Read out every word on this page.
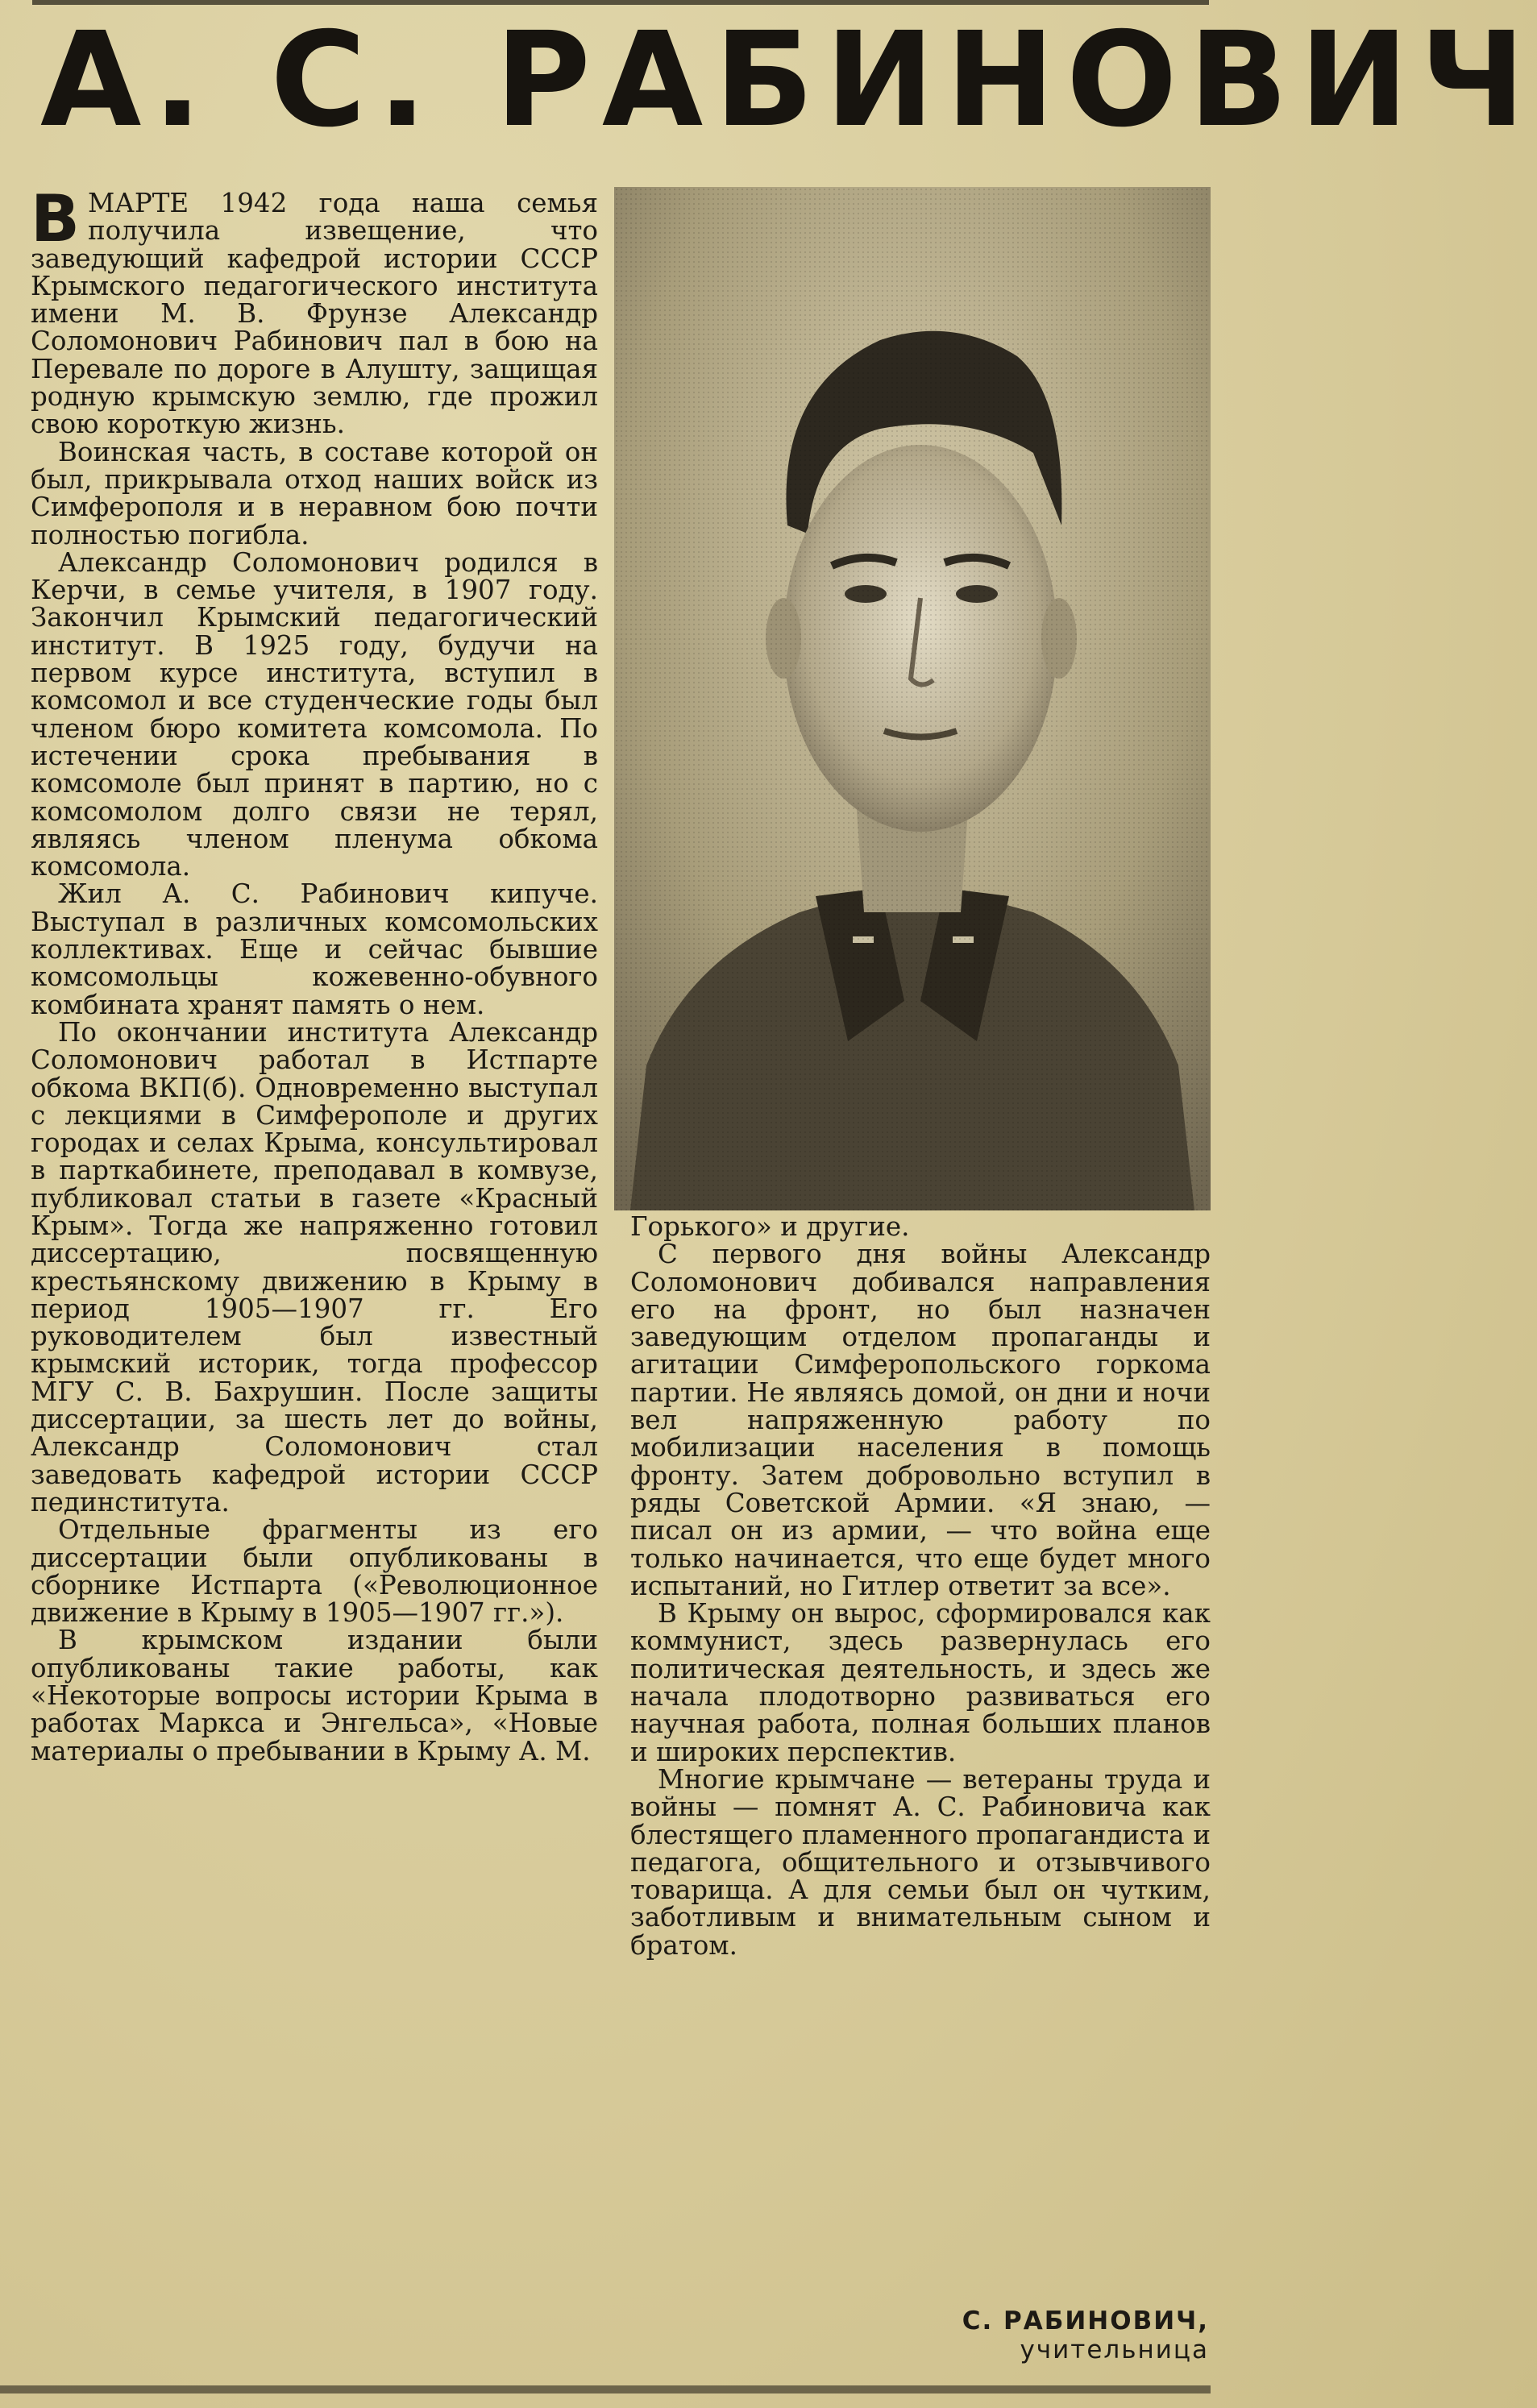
А. С. РАБИНОВИЧ

В МАРТЕ 1942 года наша семья получила извещение, что заведующий кафедрой истории СССР Крымского педагогического института имени М. В. Фрунзе Александр Соломонович Рабинович пал в бою на Перевале по дороге в Алушту, защищая родную крымскую землю, где прожил свою короткую жизнь.

Воинская часть, в составе которой он был, прикрывала отход наших войск из Симферополя и в неравном бою почти полностью погибла.

Александр Соломонович родился в Керчи, в семье учителя, в 1907 году. Закончил Крымский педагогический институт. В 1925 году, будучи на первом курсе института, вступил в комсомол и все студенческие годы был членом бюро комитета комсомола. По истечении срока пребывания в комсомоле был принят в партию, но с комсомолом долго связи не терял, являясь членом пленума обкома комсомола.

Жил А. С. Рабинович кипуче. Выступал в различных комсомольских коллективах. Еще и сейчас бывшие комсомольцы кожевенно-обувного комбината хранят память о нем.

По окончании института Александр Соломонович работал в Истпарте обкома ВКП(б). Одновременно выступал с лекциями в Симферополе и других городах и селах Крыма, консультировал в парткабинете, преподавал в комвузе, публиковал статьи в газете «Красный Крым». Тогда же напряженно готовил диссертацию, посвященную крестьянскому движению в Крыму в период 1905—1907 гг. Его руководителем был известный крымский историк, тогда профессор МГУ С. В. Бахрушин. После защиты диссертации, за шесть лет до войны, Александр Соломонович стал заведовать кафедрой истории СССР пединститута.

Отдельные фрагменты из его диссертации были опубликованы в сборнике Истпарта («Революционное движение в Крыму в 1905—1907 гг.»).

В крымском издании были опубликованы такие работы, как «Некоторые вопросы истории Крыма в работах Маркса и Энгельса», «Новые материалы о пребывании в Крыму А. М.

Горького» и другие.

С первого дня войны Александр Соломонович добивался направления его на фронт, но был назначен заведующим отделом пропаганды и агитации Симферопольского горкома партии. Не являясь домой, он дни и ночи вел напряженную работу по мобилизации населения в помощь фронту. Затем добровольно вступил в ряды Советской Армии. «Я знаю, — писал он из армии, — что война еще только начинается, что еще будет много испытаний, но Гитлер ответит за все».

В Крыму он вырос, сформировался как коммунист, здесь развернулась его политическая деятельность, и здесь же начала плодотворно развиваться его научная работа, полная больших планов и широких перспектив.

Многие крымчане — ветераны труда и войны — помнят А. С. Рабиновича как блестящего пламенного пропагандиста и педагога, общительного и отзывчивого товарища. А для семьи был он чутким, заботливым и внимательным сыном и братом.

С. РАБИНОВИЧ,
учительница
